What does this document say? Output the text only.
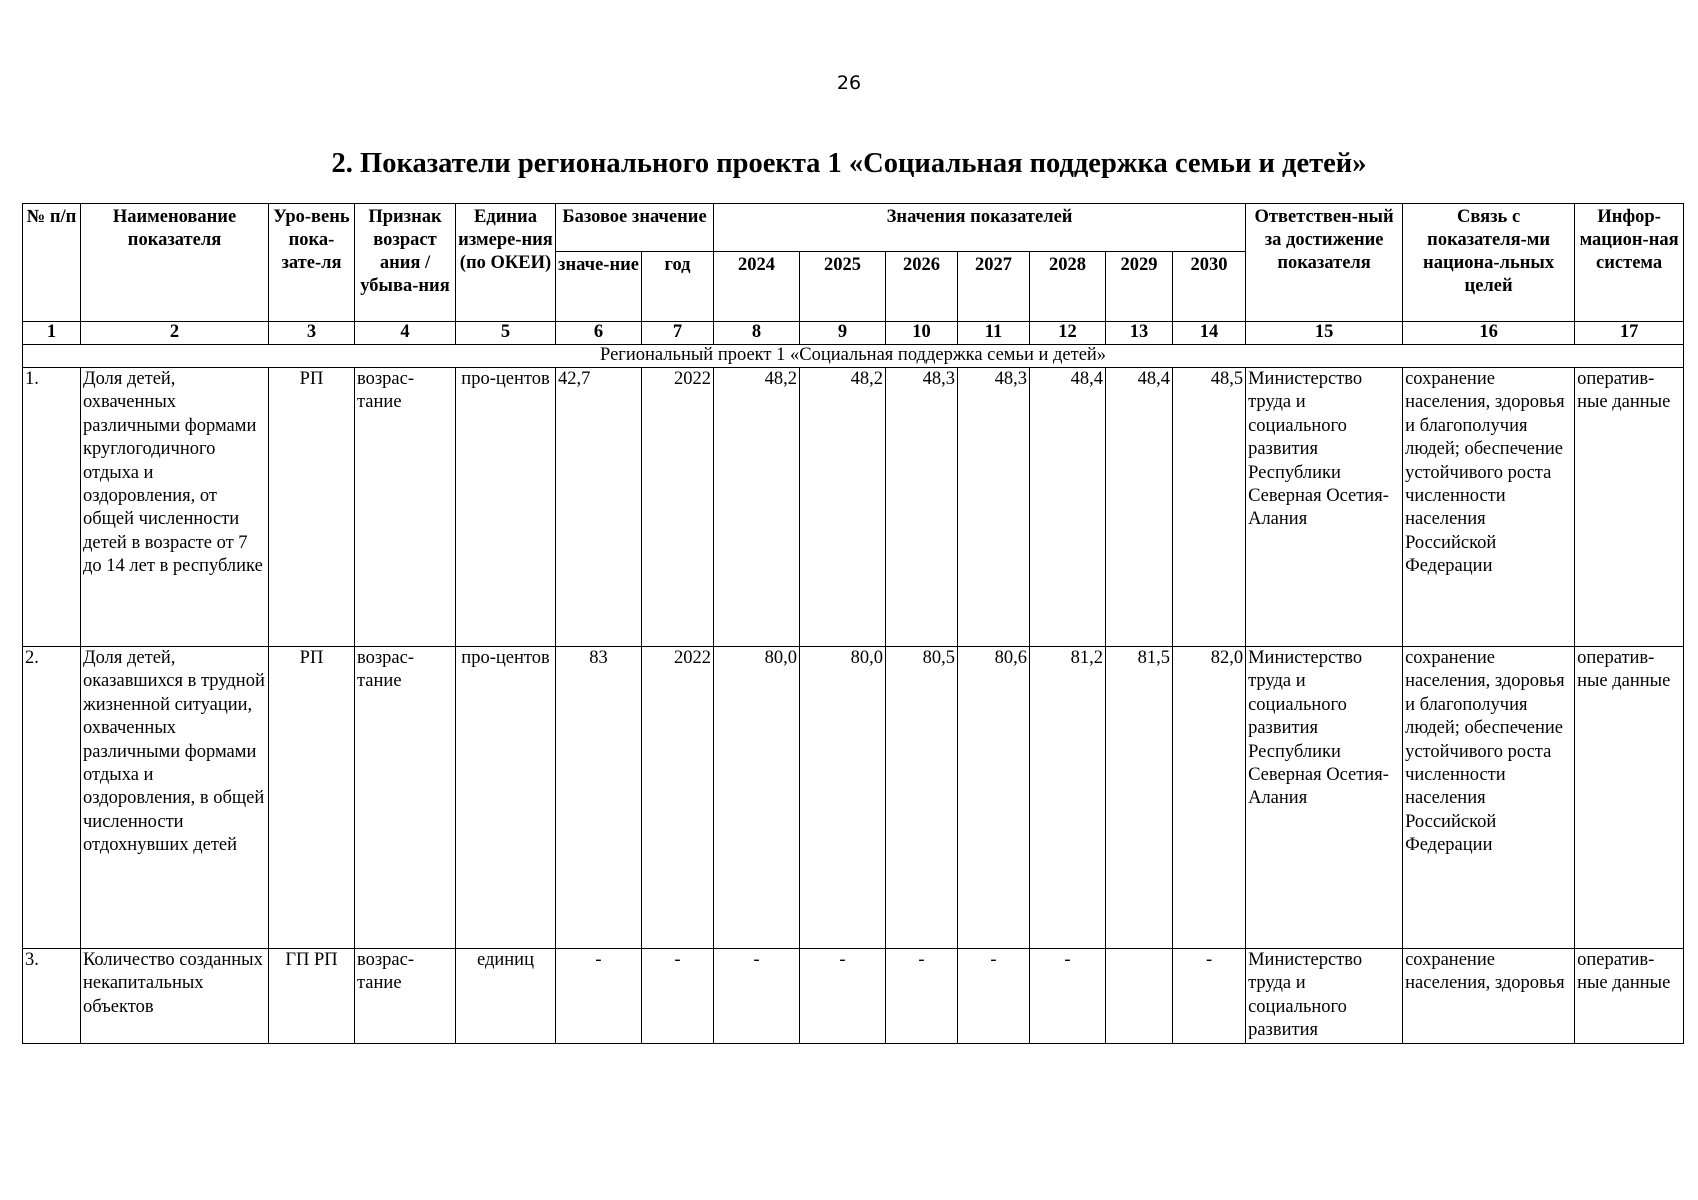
26
2. Показатели регионального проекта 1 «Социальная поддержка семьи и детей»
№ п/п	Наименование показателя	Уро-вень пока-зате-ля	Признак возраст ания / убыва-ния	Единиа измере-ния (по ОКЕИ)	Базовое значение		Значения показателей							Ответствен-ный за достижение показателя	Связь с показателя-ми национа-льных целей	Инфор-мацион-ная система
					значе-ние	год	2024	2025	2026	2027	2028	2029	2030			
1	2	3	4	5	6	7	8	9	10	11	12	13	14	15	16	17
Региональный проект 1 «Социальная поддержка семьи и детей»																
1.	Доля детей, охваченных различными формами круглогодичного отдыха и оздоровления, от общей численности детей в возрасте от 7 до 14 лет в республике	РП	возрас-тание	про-центов	42,7	2022	48,2	48,2	48,3	48,3	48,4	48,4	48,5	Министерство труда и социального развития Республики Северная Осетия-Алания	сохранение населения, здоровья и благополучия людей; обеспечение устойчивого роста численности населения Российской Федерации	оператив-ные данные
2.	Доля детей, оказавшихся в трудной жизненной ситуации, охваченных различными формами отдыха и оздоровления, в общей численности отдохнувших детей	РП	возрас-тание	про-центов	83	2022	80,0	80,0	80,5	80,6	81,2	81,5	82,0	Министерство труда и социального развития Республики Северная Осетия-Алания	сохранение населения, здоровья и благополучия людей; обеспечение устойчивого роста численности населения Российской Федерации	оператив-ные данные
3.	Количество созданных некапитальных объектов	ГП РП	возрас-тание	единиц	-	-	-	-	-	-	-		-	Министерство труда и социального развития	сохранение населения, здоровья	оператив-ные данные
